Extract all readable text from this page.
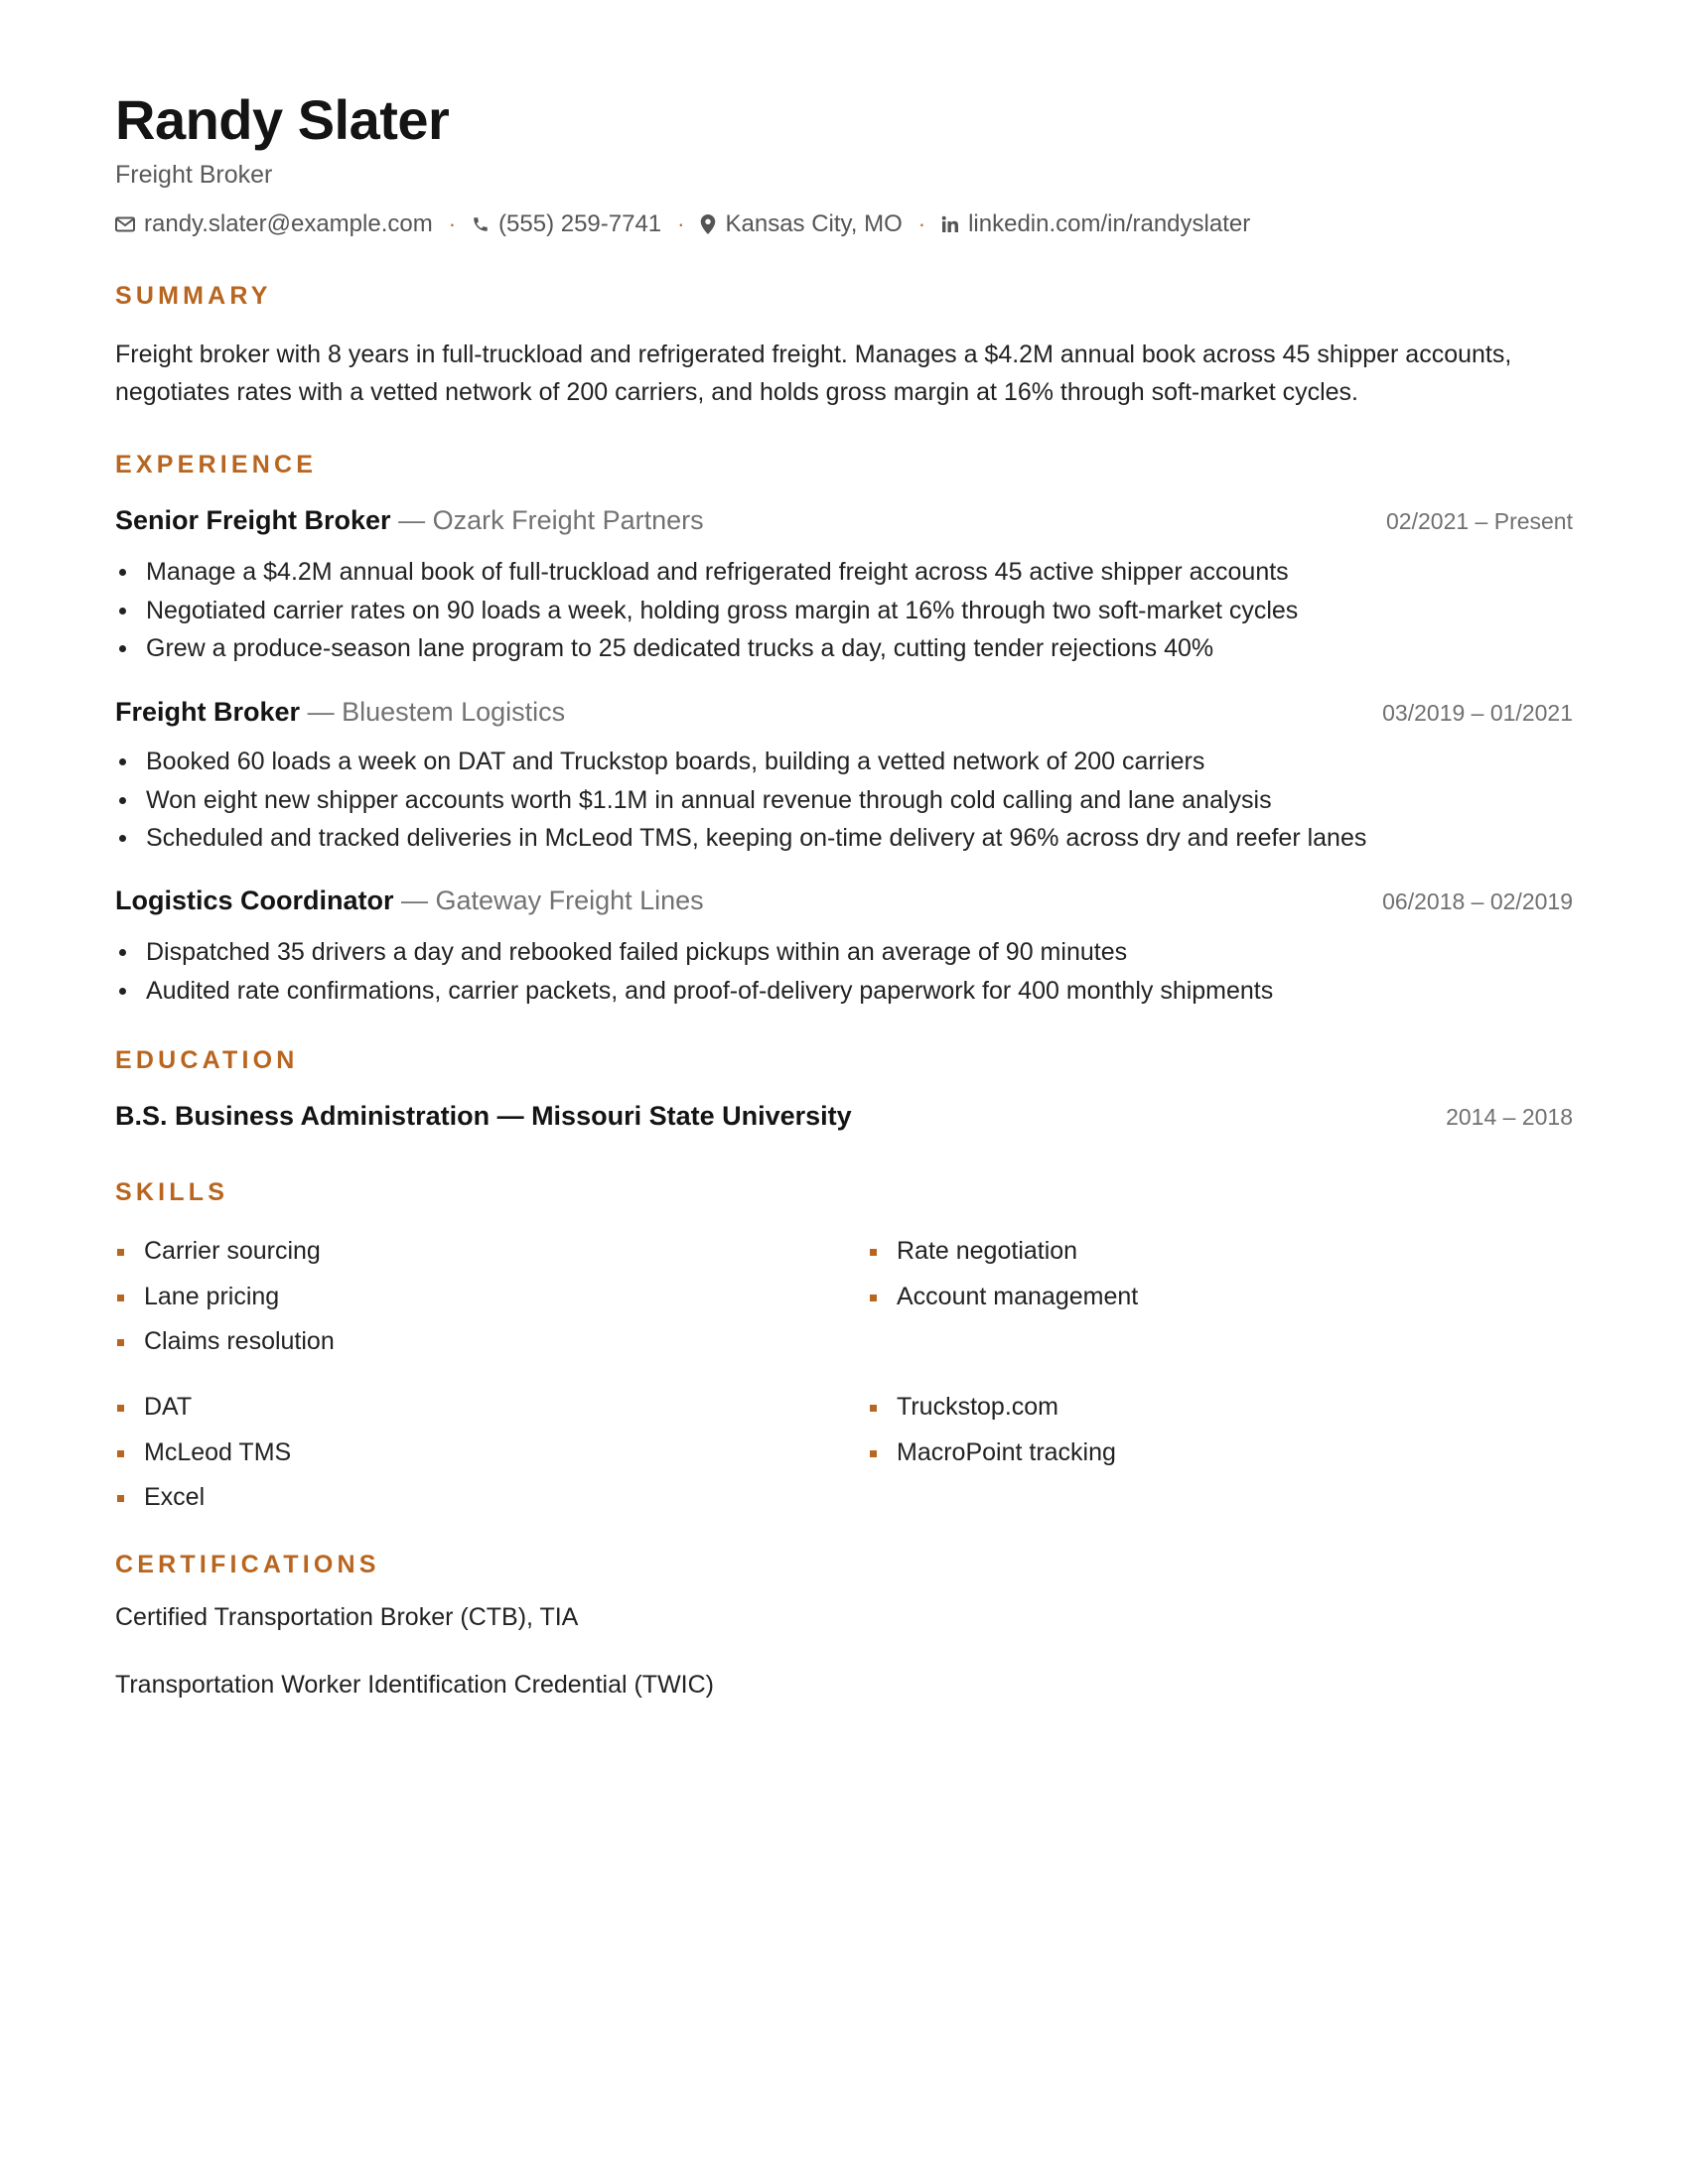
Randy Slater
Freight Broker
randy.slater@example.com · (555) 259-7741 · Kansas City, MO · linkedin.com/in/randyslater
SUMMARY

Freight broker with 8 years in full-truckload and refrigerated freight. Manages a $4.2M annual book across 45 shipper accounts, negotiates rates with a vetted network of 200 carriers, and holds gross margin at 16% through soft-market cycles.

EXPERIENCE
Senior Freight Broker — Ozark Freight Partners	02/2021 – Present
Manage a $4.2M annual book of full-truckload and refrigerated freight across 45 active shipper accounts
Negotiated carrier rates on 90 loads a week, holding gross margin at 16% through two soft-market cycles
Grew a produce-season lane program to 25 dedicated trucks a day, cutting tender rejections 40%
Freight Broker — Bluestem Logistics	03/2019 – 01/2021
Booked 60 loads a week on DAT and Truckstop boards, building a vetted network of 200 carriers
Won eight new shipper accounts worth $1.1M in annual revenue through cold calling and lane analysis
Scheduled and tracked deliveries in McLeod TMS, keeping on-time delivery at 96% across dry and reefer lanes
Logistics Coordinator — Gateway Freight Lines	06/2018 – 02/2019
Dispatched 35 drivers a day and rebooked failed pickups within an average of 90 minutes
Audited rate confirmations, carrier packets, and proof-of-delivery paperwork for 400 monthly shipments
EDUCATION
B.S. Business Administration — Missouri State University	2014 – 2018
SKILLS
Carrier sourcing	Rate negotiation
Lane pricing	Account management
Claims resolution
DAT	Truckstop.com
McLeod TMS	MacroPoint tracking
Excel
CERTIFICATIONS

Certified Transportation Broker (CTB), TIA

Transportation Worker Identification Credential (TWIC)
